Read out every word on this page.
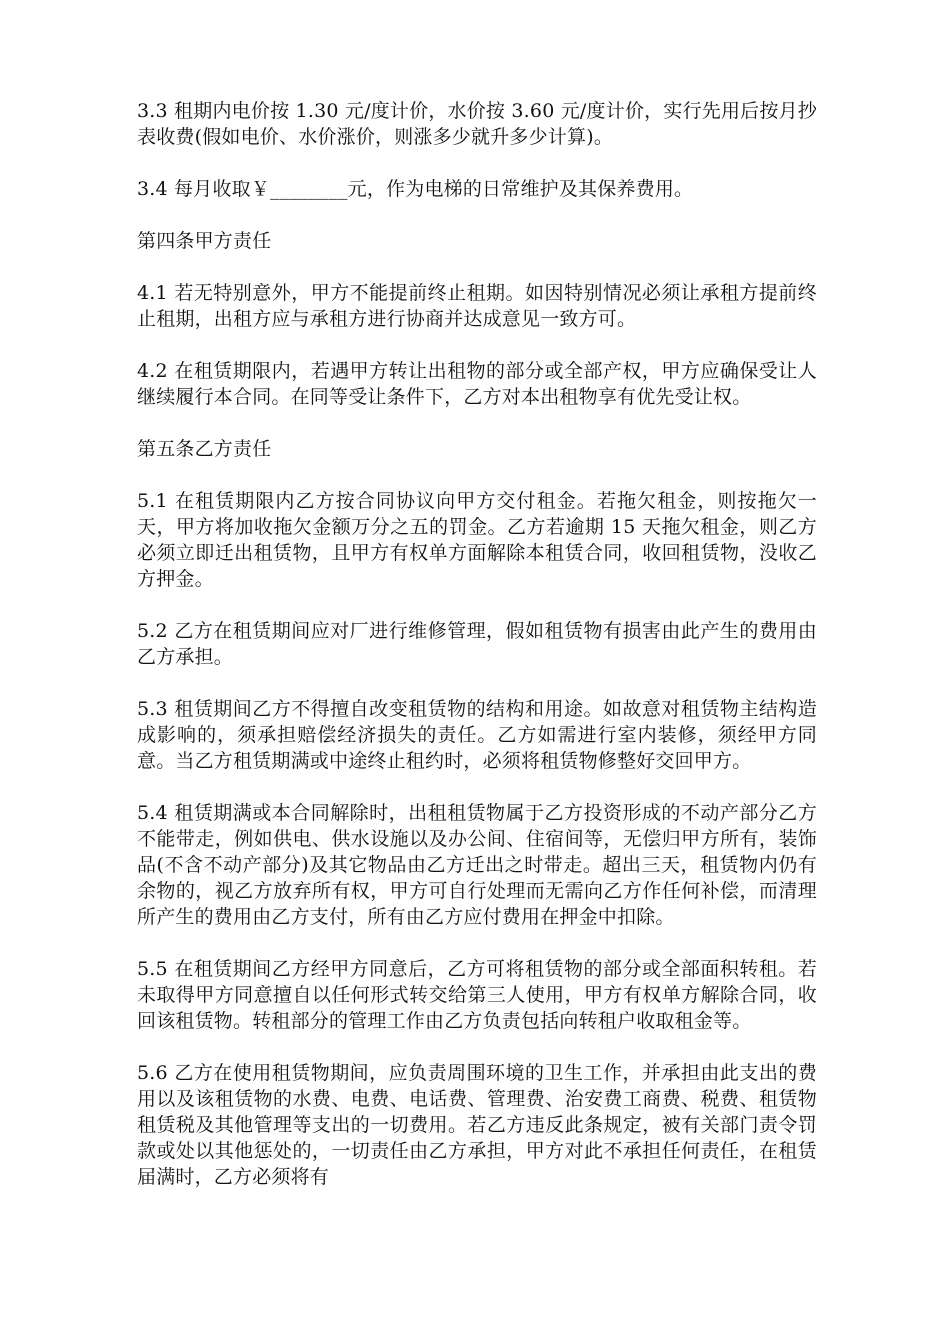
3.3 租期内电价按 1.30 元/度计价，水价按 3.60 元/度计价，实行先用后按月抄表收费(假如电价、水价涨价，则涨多少就升多少计算)。

3.4 每月收取￥________元，作为电梯的日常维护及其保养费用。

第四条甲方责任

4.1 若无特别意外，甲方不能提前终止租期。如因特别情况必须让承租方提前终止租期，出租方应与承租方进行协商并达成意见一致方可。

4.2 在租赁期限内，若遇甲方转让出租物的部分或全部产权，甲方应确保受让人继续履行本合同。在同等受让条件下，乙方对本出租物享有优先受让权。

第五条乙方责任

5.1 在租赁期限内乙方按合同协议向甲方交付租金。若拖欠租金，则按拖欠一天，甲方将加收拖欠金额万分之五的罚金。乙方若逾期 15 天拖欠租金，则乙方必须立即迁出租赁物，且甲方有权单方面解除本租赁合同，收回租赁物，没收乙方押金。

5.2 乙方在租赁期间应对厂进行维修管理，假如租赁物有损害由此产生的费用由乙方承担。

5.3 租赁期间乙方不得擅自改变租赁物的结构和用途。如故意对租赁物主结构造成影响的，须承担赔偿经济损失的责任。乙方如需进行室内装修，须经甲方同意。当乙方租赁期满或中途终止租约时，必须将租赁物修整好交回甲方。

5.4 租赁期满或本合同解除时，出租租赁物属于乙方投资形成的不动产部分乙方不能带走，例如供电、供水设施以及办公间、住宿间等，无偿归甲方所有，装饰品(不含不动产部分)及其它物品由乙方迁出之时带走。超出三天，租赁物内仍有余物的，视乙方放弃所有权，甲方可自行处理而无需向乙方作任何补偿，而清理所产生的费用由乙方支付，所有由乙方应付费用在押金中扣除。

5.5 在租赁期间乙方经甲方同意后，乙方可将租赁物的部分或全部面积转租。若未取得甲方同意擅自以任何形式转交给第三人使用，甲方有权单方解除合同，收回该租赁物。转租部分的管理工作由乙方负责包括向转租户收取租金等。

5.6 乙方在使用租赁物期间，应负责周围环境的卫生工作，并承担由此支出的费用以及该租赁物的水费、电费、电话费、管理费、治安费工商费、税费、租赁物租赁税及其他管理等支出的一切费用。若乙方违反此条规定，被有关部门责令罚款或处以其他惩处的，一切责任由乙方承担，甲方对此不承担任何责任，在租赁届满时，乙方必须将有
